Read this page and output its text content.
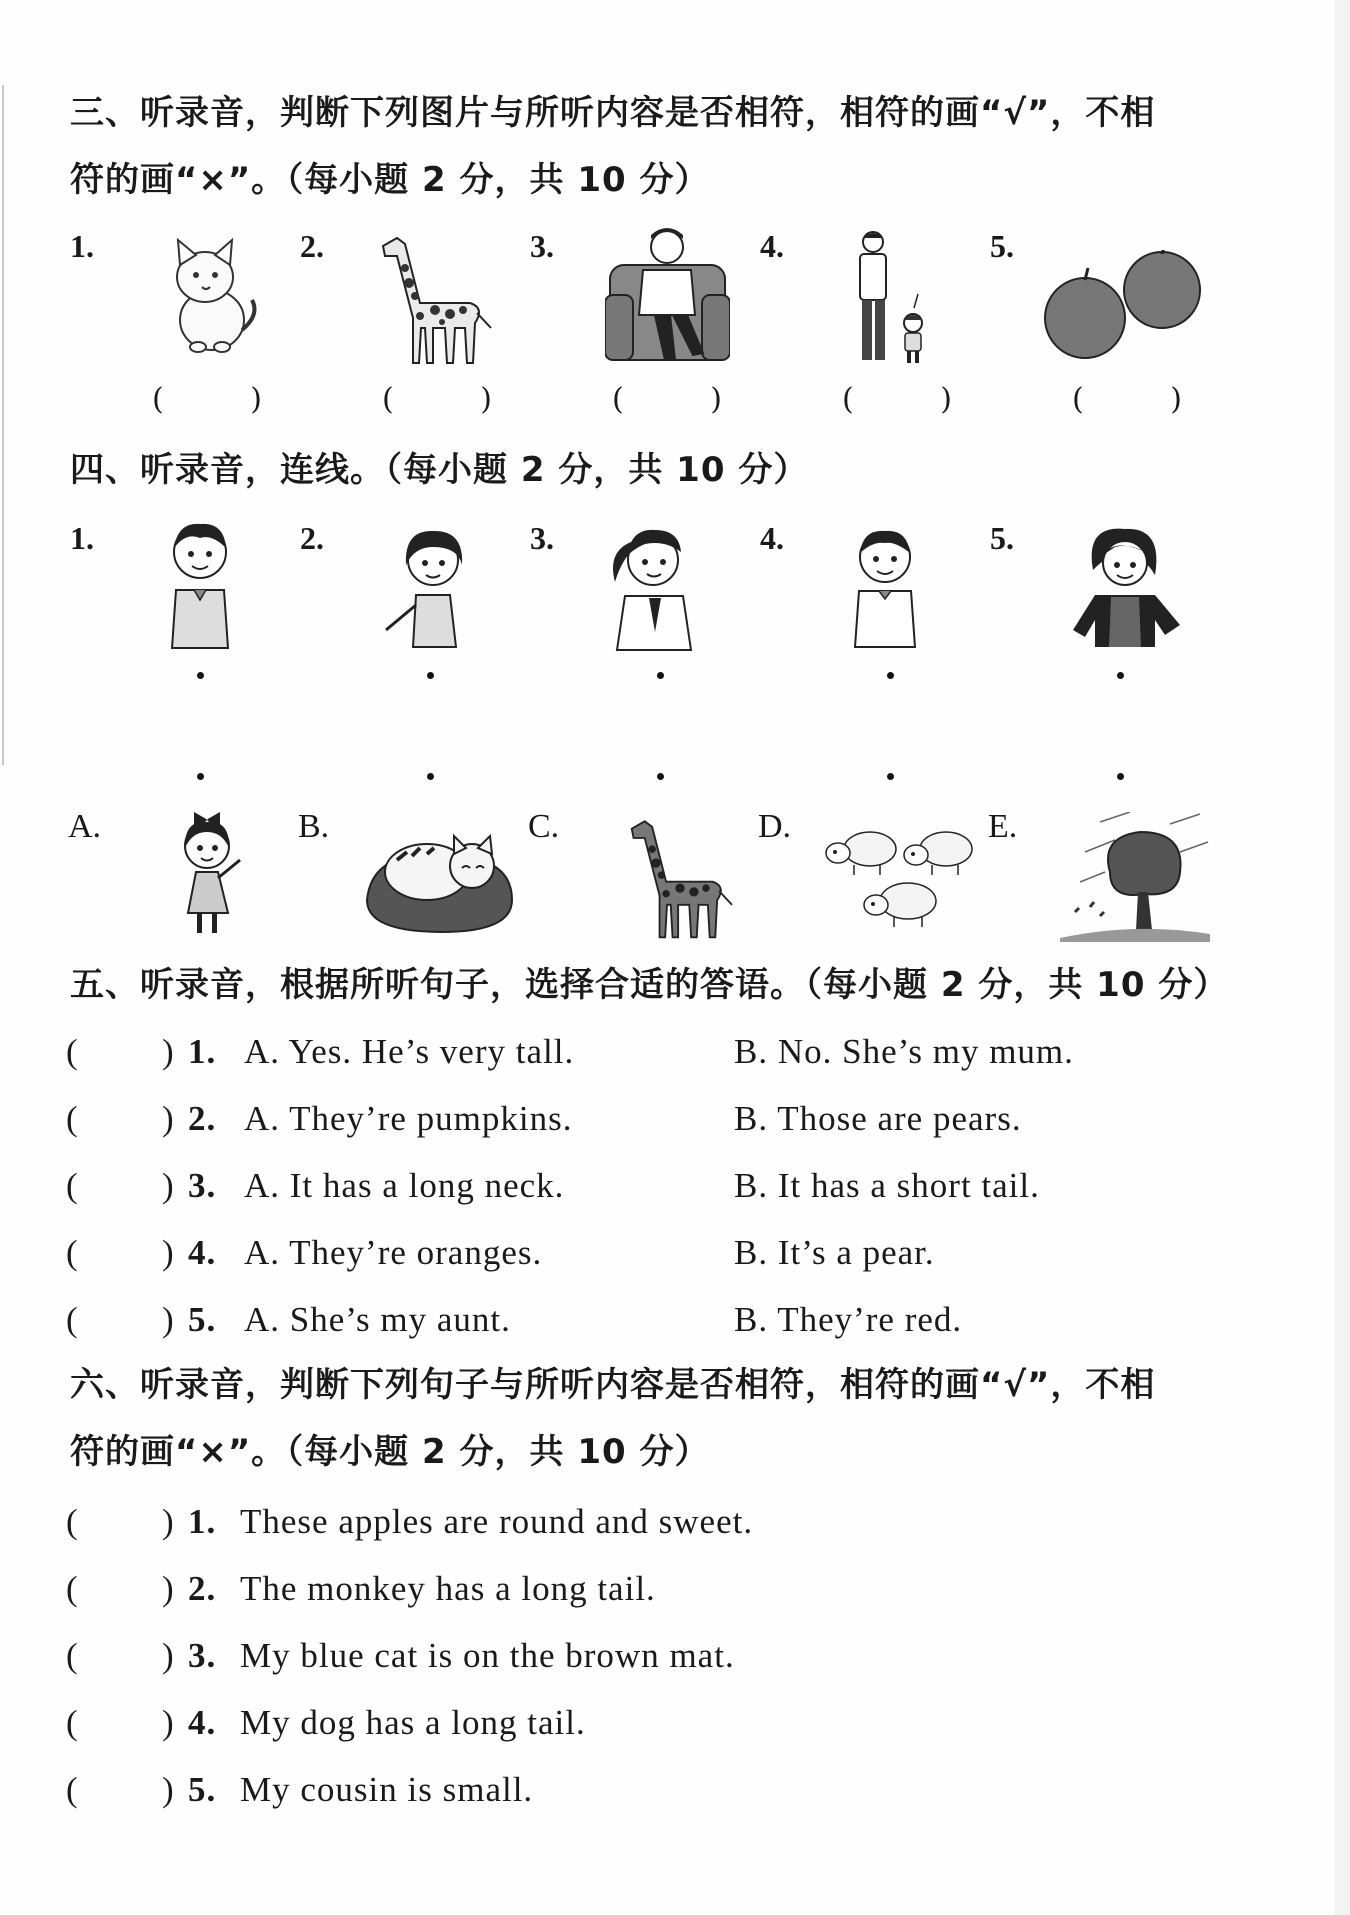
三、听录音，判断下列图片与所听内容是否相符，相符的画“√”，不相
符的画“×”。（每小题 2 分，共 10 分）
1.	2.	3.	4.	5.
(	)	(	)	(	)	(	)	(	)
四、听录音，连线。（每小题 2 分，共 10 分）
1.	2.	3.	4.	5.
A.	B.	C.	D.	E.
五、听录音，根据所听句子，选择合适的答语。（每小题 2 分，共 10 分）
( ) 1. A. Yes. He’s very tall.	B. No. She’s my mum.
( ) 2. A. They’re pumpkins.	B. Those are pears.
( ) 3. A. It has a long neck.	B. It has a short tail.
( ) 4. A. They’re oranges.	B. It’s a pear.
( ) 5. A. She’s my aunt.	B. They’re red.
六、听录音，判断下列句子与所听内容是否相符，相符的画“√”，不相
符的画“×”。（每小题 2 分，共 10 分）
( ) 1. These apples are round and sweet.
( ) 2. The monkey has a long tail.
( ) 3. My blue cat is on the brown mat.
( ) 4. My dog has a long tail.
( ) 5. My cousin is small.
